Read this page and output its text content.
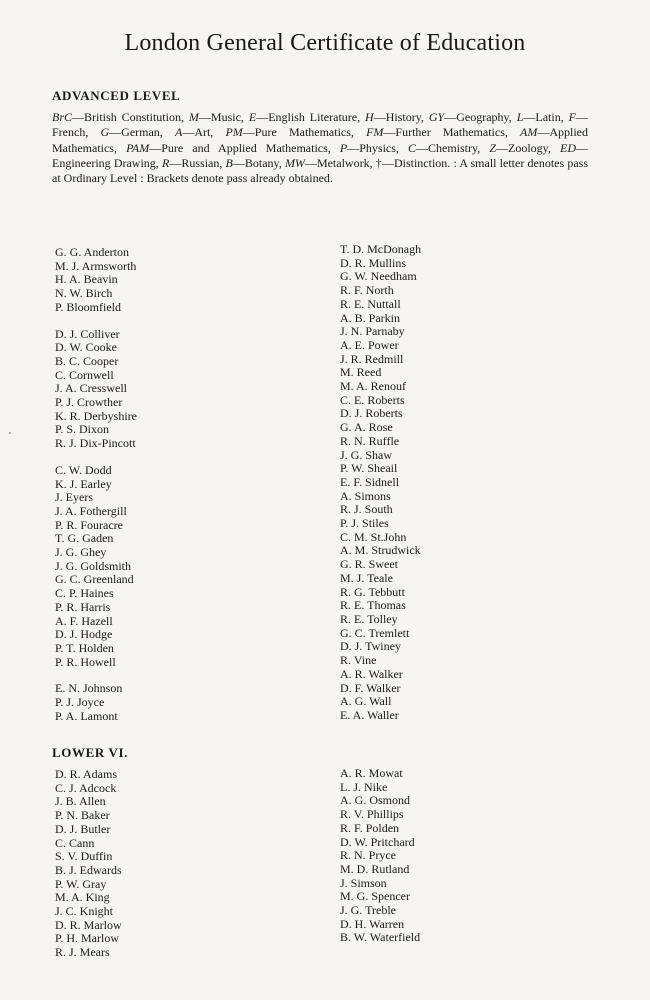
London General Certificate of Education
ADVANCED LEVEL
BrC—British Constitution, M—Music, E—English Literature, H—History, GY—Geography, L—Latin, F—French, G—German, A—Art, PM—Pure Mathematics, FM—Further Mathematics, AM—Applied Mathematics, PAM—Pure and Applied Mathematics, P—Physics, C—Chemistry, Z—Zoology, ED—Engineering Drawing, R—Russian, B—Botany, MW—Metalwork, †—Distinction. : A small letter denotes pass at Ordinary Level : Brackets denote pass already obtained.
G. G. Anderton
M. J. Armsworth
H. A. Beavin
N. W. Birch
P. Bloomfield
D. J. Colliver
D. W. Cooke
B. C. Cooper
C. Cornwell
J. A. Cresswell
P. J. Crowther
K. R. Derbyshire
P. S. Dixon
R. J. Dix-Pincott
C. W. Dodd
K. J. Earley
J. Eyers
J. A. Fothergill
P. R. Fouracre
T. G. Gaden
J. G. Ghey
J. G. Goldsmith
G. C. Greenland
C. P. Haines
P. R. Harris
A. F. Hazell
D. J. Hodge
P. T. Holden
P. R. Howell
E. N. Johnson
P. J. Joyce
P. A. Lamont
T. D. McDonagh
D. R. Mullins
G. W. Needham
R. F. North
R. E. Nuttall
A. B. Parkin
J. N. Parnaby
A. E. Power
J. R. Redmill
M. Reed
M. A. Renouf
C. E. Roberts
D. J. Roberts
G. A. Rose
R. N. Ruffle
J. G. Shaw
P. W. Sheail
E. F. Sidnell
A. Simons
R. J. South
P. J. Stiles
C. M. St.John
A. M. Strudwick
G. R. Sweet
M. J. Teale
R. G. Tebbutt
R. E. Thomas
R. E. Tolley
G. C. Tremlett
D. J. Twiney
R. Vine
A. R. Walker
D. F. Walker
A. G. Wall
E. A. Waller
LOWER VI.
D. R. Adams
C. J. Adcock
J. B. Allen
P. N. Baker
D. J. Butler
C. Cann
S. V. Duffin
B. J. Edwards
P. W. Gray
M. A. King
J. C. Knight
D. R. Marlow
P. H. Marlow
R. J. Mears
A. R. Mowat
L. J. Nike
A. G. Osmond
R. V. Phillips
R. F. Polden
D. W. Pritchard
R. N. Pryce
M. D. Rutland
J. Simson
M. G. Spencer
J. G. Treble
D. H. Warren
B. W. Waterfield
